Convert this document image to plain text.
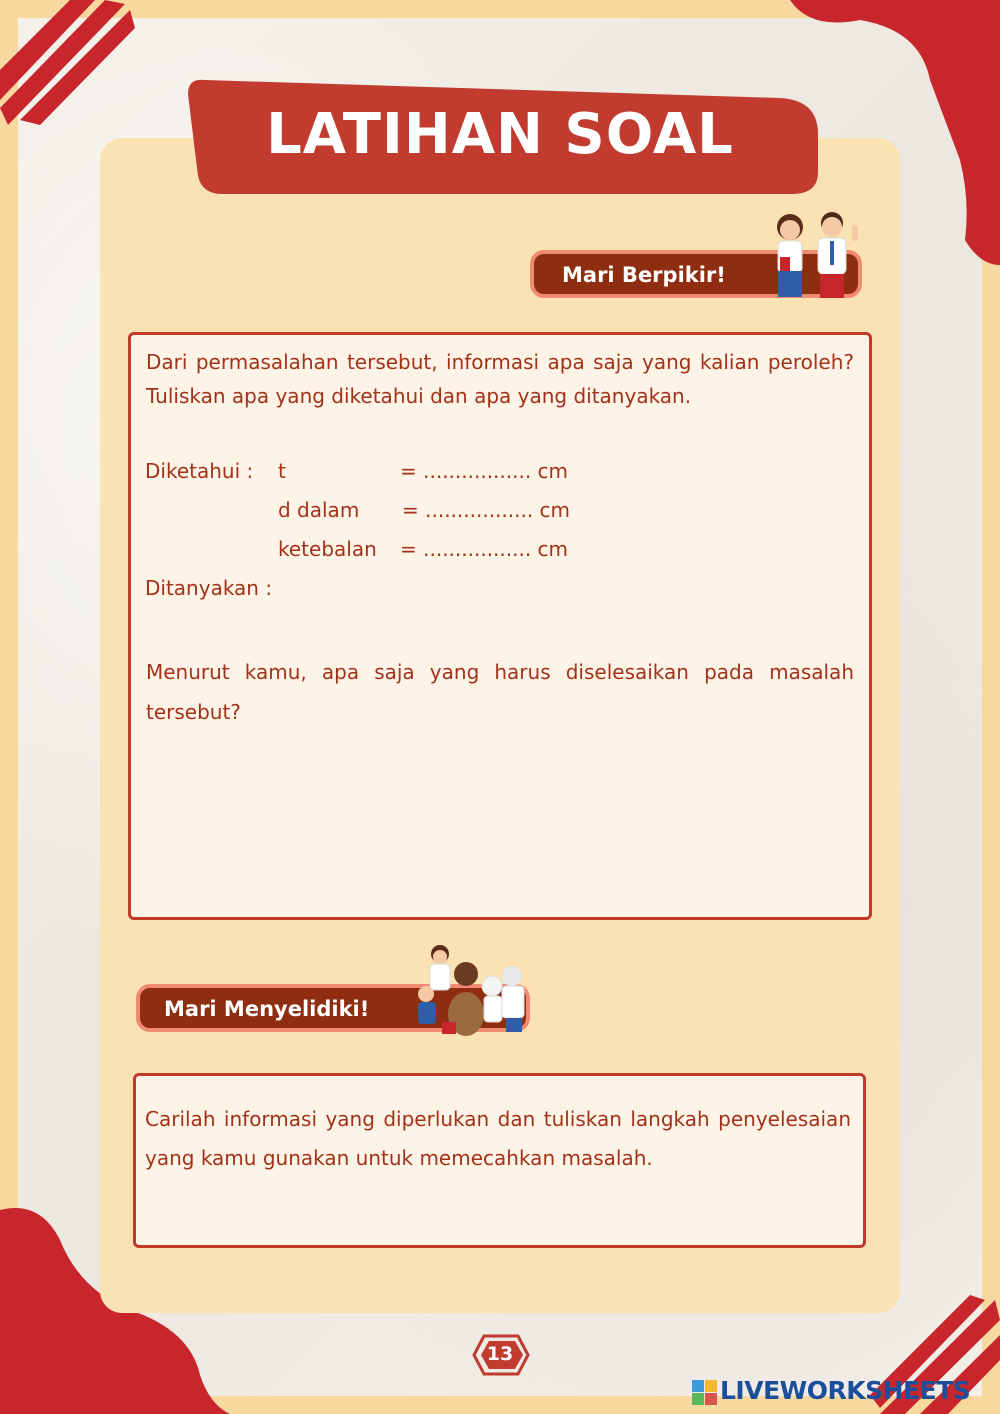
LATIHAN SOAL
Mari Berpikir!
Dari permasalahan tersebut, informasi apa saja yang kalian peroleh? Tuliskan apa yang diketahui dan apa yang ditanyakan.
Diketahui : t	= ................. cm
d dalam = ................. cm
ketebalan = ................. cm
Ditanyakan :
Menurut kamu, apa saja yang harus diselesaikan pada masalah tersebut?
Mari Menyelidiki!
Carilah informasi yang diperlukan dan tuliskan langkah penyelesaian yang kamu gunakan untuk memecahkan masalah.
13
LIVEWORKSHEETS
